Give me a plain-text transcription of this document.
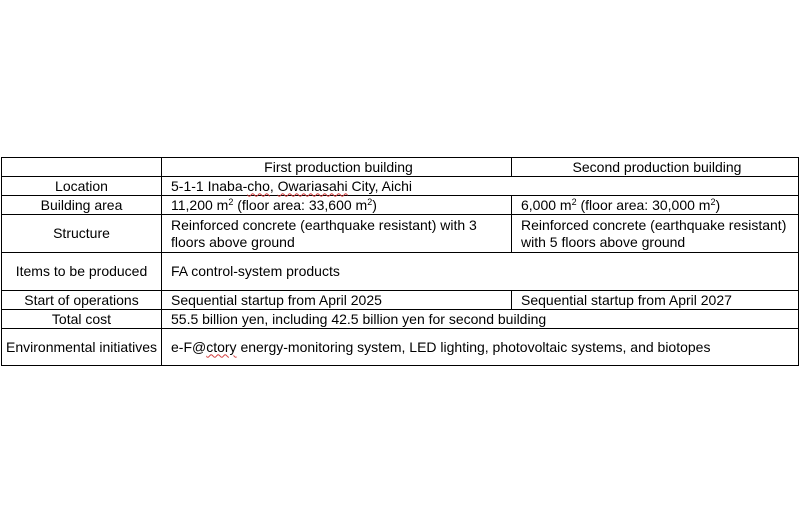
	First production building	Second production building
Location	5-1-1 Inaba-cho, Owariasahi City, Aichi	
Building area	11,200 $m^2$ (floor area: 33,600 $m^2$)	6,000 $m^2$ (floor area: 30,000 $m^2$)
Structure	Reinforced concrete (earthquake resistant) with 3 floors above ground	Reinforced concrete (earthquake resistant) with 5 floors above ground
Items to be produced	FA control-system products	
Start of operations	Sequential startup from April 2025	Sequential startup from April 2027
Total cost	55.5 billion yen, including 42.5 billion yen for second building	
Environmental initiatives	e-F@ctory energy-monitoring system, LED lighting, photovoltaic systems, and biotopes	
